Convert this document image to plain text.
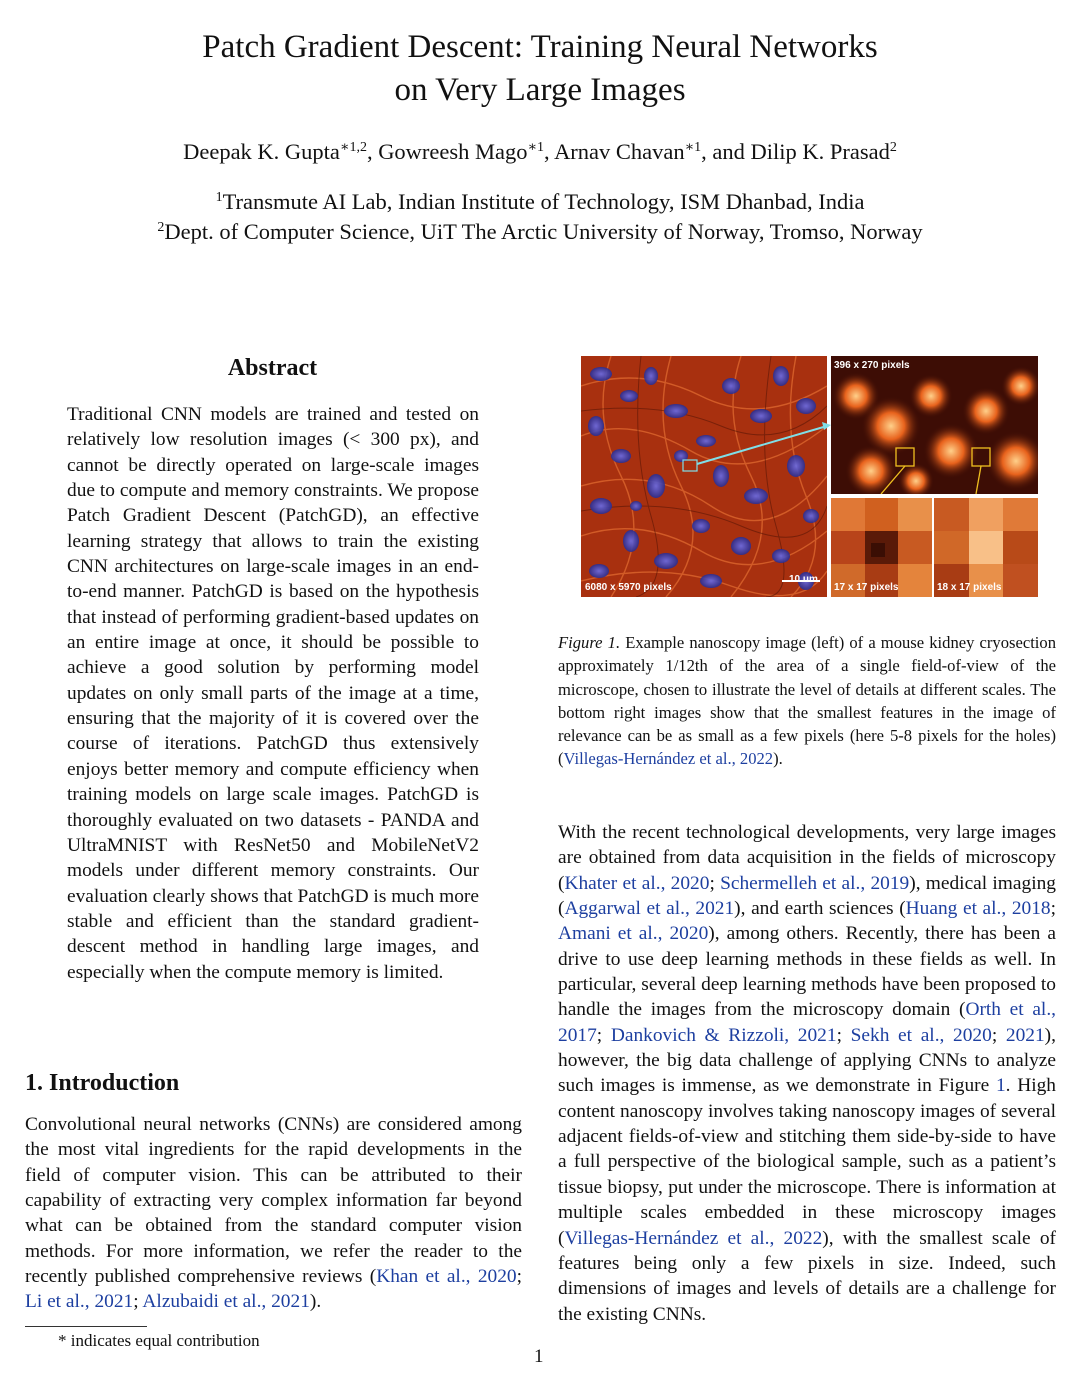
Patch Gradient Descent: Training Neural Networks
on Very Large Images
Deepak K. Gupta$^{∗1,2}$, Gowreesh Mago$^{∗1}$, Arnav Chavan$^{∗1}$, and Dilip K. Prasad$^2$
$^1$Transmute AI Lab, Indian Institute of Technology, ISM Dhanbad, India
$^2$Dept. of Computer Science, UiT The Arctic University of Norway, Tromso, Norway
Abstract
Traditional CNN models are trained and tested on relatively low resolution images (< 300 px), and cannot be directly operated on large-scale images due to compute and memory constraints. We propose Patch Gradient Descent (PatchGD), an effective learning strategy that allows to train the existing CNN architectures on large-scale images in an end-to-end manner. PatchGD is based on the hypothesis that instead of performing gradient-based updates on an entire image at once, it should be possible to achieve a good solution by performing model updates on only small parts of the image at a time, ensuring that the majority of it is covered over the course of iterations. PatchGD thus extensively enjoys better memory and compute efficiency when training models on large scale images. PatchGD is thoroughly evaluated on two datasets - PANDA and UltraMNIST with ResNet50 and MobileNetV2 models under different memory constraints. Our evaluation clearly shows that PatchGD is much more stable and efficient than the standard gradient-descent method in handling large images, and especially when the compute memory is limited.
1. Introduction
Convolutional neural networks (CNNs) are considered among the most vital ingredients for the rapid developments in the field of computer vision. This can be attributed to their capability of extracting very complex information far beyond what can be obtained from the standard computer vision methods. For more information, we refer the reader to the recently published comprehensive reviews (Khan et al., 2020; Li et al., 2021; Alzubaidi et al., 2021).
* indicates equal contribution
1
6080 x 5970 pixels
10 um
396 x 270 pixels
17 x 17 pixels	18 x 17 pixels
Figure 1. Example nanoscopy image (left) of a mouse kidney cryosection approximately 1/12th of the area of a single field-of-view of the microscope, chosen to illustrate the level of details at different scales. The bottom right images show that the smallest features in the image of relevance can be as small as a few pixels (here 5-8 pixels for the holes)(Villegas-Hernández et al., 2022).
With the recent technological developments, very large images are obtained from data acquisition in the fields of microscopy (Khater et al., 2020; Schermelleh et al., 2019), medical imaging (Aggarwal et al., 2021), and earth sciences (Huang et al., 2018; Amani et al., 2020), among others. Recently, there has been a drive to use deep learning methods in these fields as well. In particular, several deep learning methods have been proposed to handle the images from the microscopy domain (Orth et al., 2017; Dankovich & Rizzoli, 2021; Sekh et al., 2020; 2021), however, the big data challenge of applying CNNs to analyze such images is immense, as we demonstrate in Figure 1. High content nanoscopy involves taking nanoscopy images of several adjacent fields-of-view and stitching them side-by-side to have a full perspective of the biological sample, such as a patient’s tissue biopsy, put under the microscope. There is information at multiple scales embedded in these microscopy images (Villegas-Hernández et al., 2022), with the smallest scale of features being only a few pixels in size. Indeed, such dimensions of images and levels of details are a challenge for the existing CNNs.
